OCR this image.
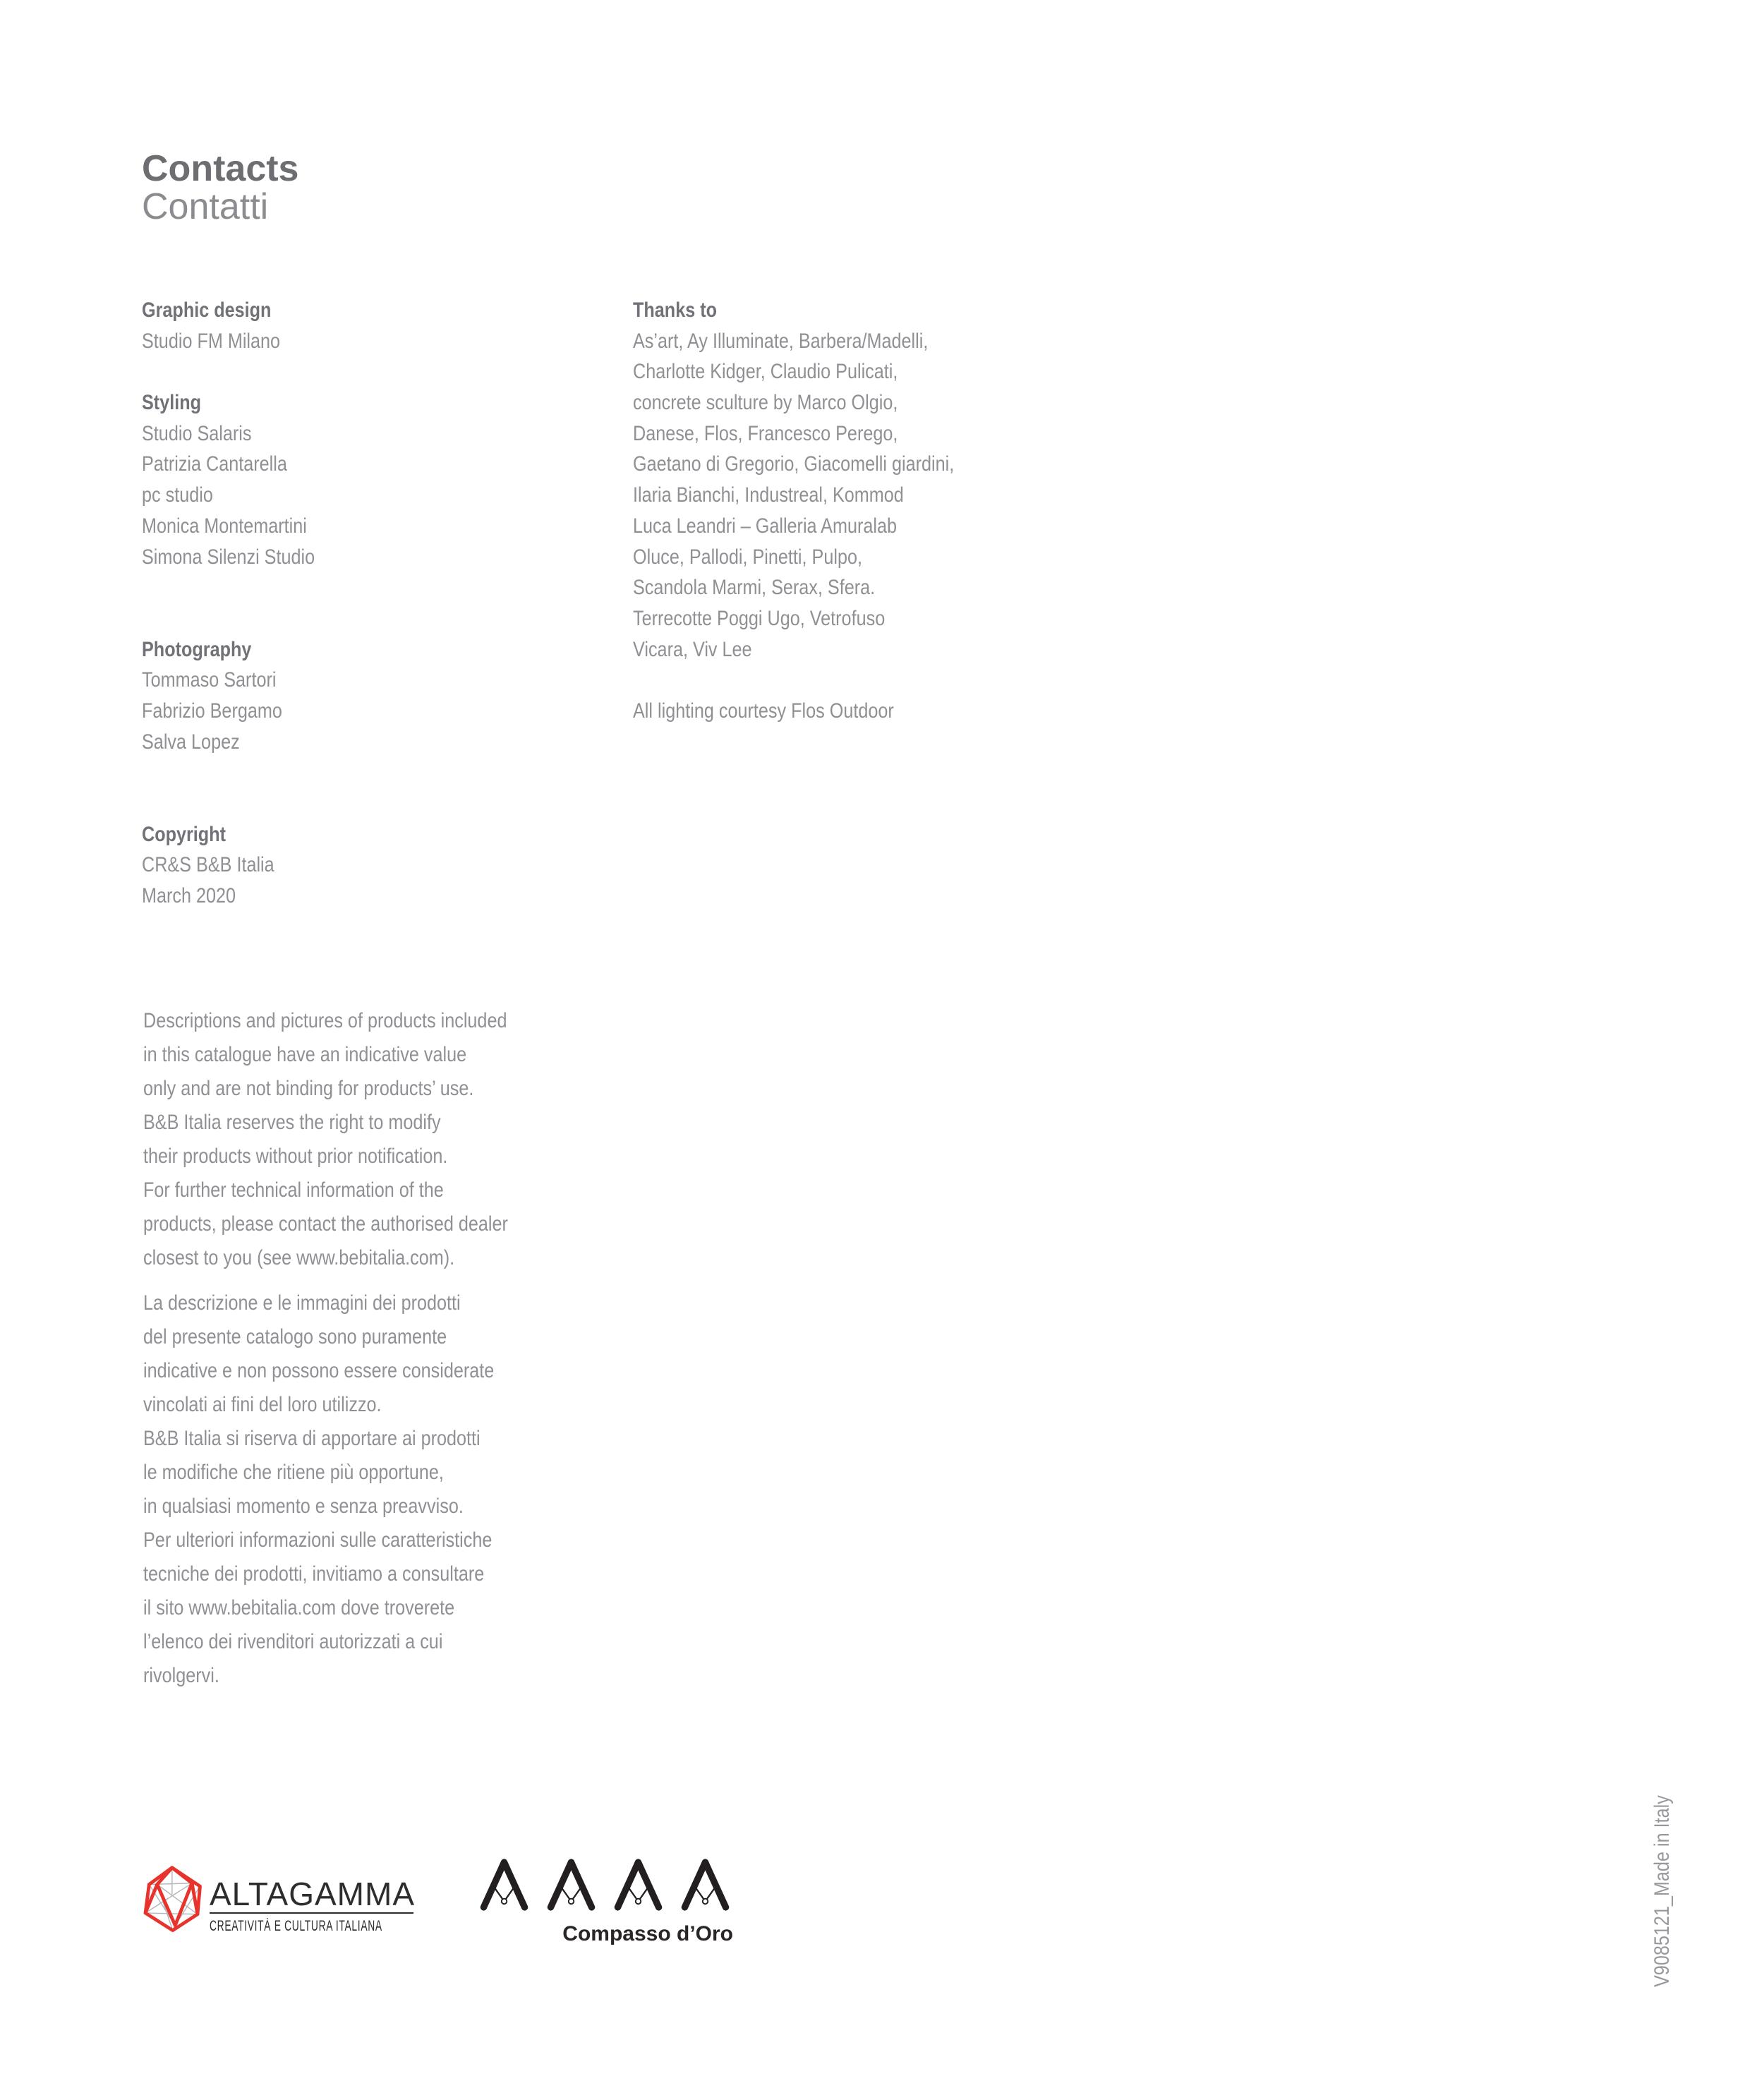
Contacts
Contatti
Graphic design
Studio FM Milano
Styling
Studio Salaris
Patrizia Cantarella
pc studio
Monica Montemartini
Simona Silenzi Studio
Photography
Tommaso Sartori
Fabrizio Bergamo
Salva Lopez
Copyright
CR&S B&B Italia
March 2020
Thanks to
As’art, Ay Illuminate, Barbera/Madelli,
Charlotte Kidger, Claudio Pulicati,
concrete sculture by Marco Olgio,
Danese, Flos, Francesco Perego,
Gaetano di Gregorio, Giacomelli giardini,
Ilaria Bianchi, Industreal, Kommod
Luca Leandri – Galleria Amuralab
Oluce, Pallodi, Pinetti, Pulpo,
Scandola Marmi, Serax, Sfera.
Terrecotte Poggi Ugo, Vetrofuso
Vicara, Viv Lee
All lighting courtesy Flos Outdoor
Descriptions and pictures of products included
in this catalogue have an indicative value
only and are not binding for products’ use.
B&B Italia reserves the right to modify
their products without prior notification.
For further technical information of the
products, please contact the authorised dealer
closest to you (see www.bebitalia.com).
La descrizione e le immagini dei prodotti
del presente catalogo sono puramente
indicative e non possono essere considerate
vincolati ai fini del loro utilizzo.
B&B Italia si riserva di apportare ai prodotti
le modifiche che ritiene più opportune,
in qualsiasi momento e senza preavviso.
Per ulteriori informazioni sulle caratteristiche
tecniche dei prodotti, invitiamo a consultare
il sito www.bebitalia.com dove troverete
l’elenco dei rivenditori autorizzati a cui
rivolgervi.
ALTAGAMMA
CREATIVITÀ E CULTURA ITALIANA	Compasso d’Oro	V9085121_Made in Italy
